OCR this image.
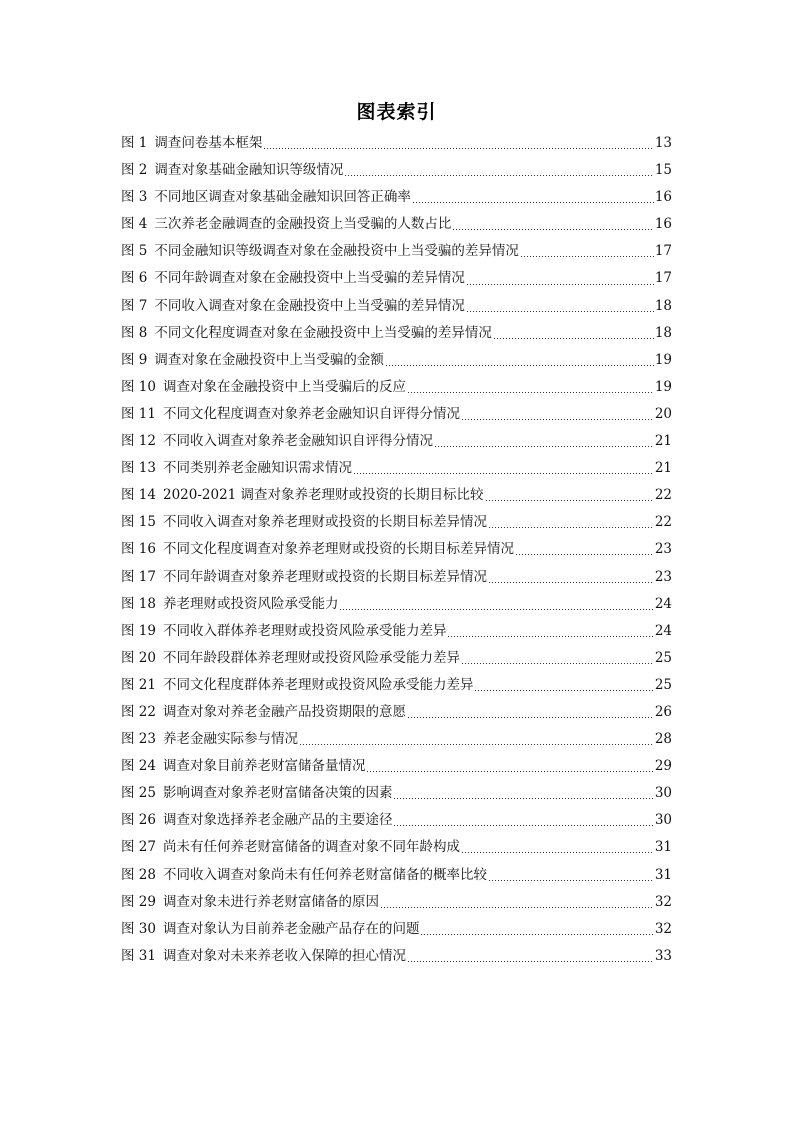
图表索引
图 1 调查问卷基本框架	13
图 2 调查对象基础金融知识等级情况	15
图 3 不同地区调查对象基础金融知识回答正确率	16
图 4 三次养老金融调查的金融投资上当受骗的人数占比	16
图 5 不同金融知识等级调查对象在金融投资中上当受骗的差异情况	17
图 6 不同年龄调查对象在金融投资中上当受骗的差异情况	17
图 7 不同收入调查对象在金融投资中上当受骗的差异情况	18
图 8 不同文化程度调查对象在金融投资中上当受骗的差异情况	18
图 9 调查对象在金融投资中上当受骗的金额	19
图 10 调查对象在金融投资中上当受骗后的反应	19
图 11 不同文化程度调查对象养老金融知识自评得分情况	20
图 12 不同收入调查对象养老金融知识自评得分情况	21
图 13 不同类别养老金融知识需求情况	21
图 14 2020-2021 调查对象养老理财或投资的长期目标比较	22
图 15 不同收入调查对象养老理财或投资的长期目标差异情况	22
图 16 不同文化程度调查对象养老理财或投资的长期目标差异情况	23
图 17 不同年龄调查对象养老理财或投资的长期目标差异情况	23
图 18 养老理财或投资风险承受能力	24
图 19 不同收入群体养老理财或投资风险承受能力差异	24
图 20 不同年龄段群体养老理财或投资风险承受能力差异	25
图 21 不同文化程度群体养老理财或投资风险承受能力差异	25
图 22 调查对象对养老金融产品投资期限的意愿	26
图 23 养老金融实际参与情况	28
图 24 调查对象目前养老财富储备量情况	29
图 25 影响调查对象养老财富储备决策的因素	30
图 26 调查对象选择养老金融产品的主要途径	30
图 27 尚未有任何养老财富储备的调查对象不同年龄构成	31
图 28 不同收入调查对象尚未有任何养老财富储备的概率比较	31
图 29 调查对象未进行养老财富储备的原因	32
图 30 调查对象认为目前养老金融产品存在的问题	32
图 31 调查对象对未来养老收入保障的担心情况	33
